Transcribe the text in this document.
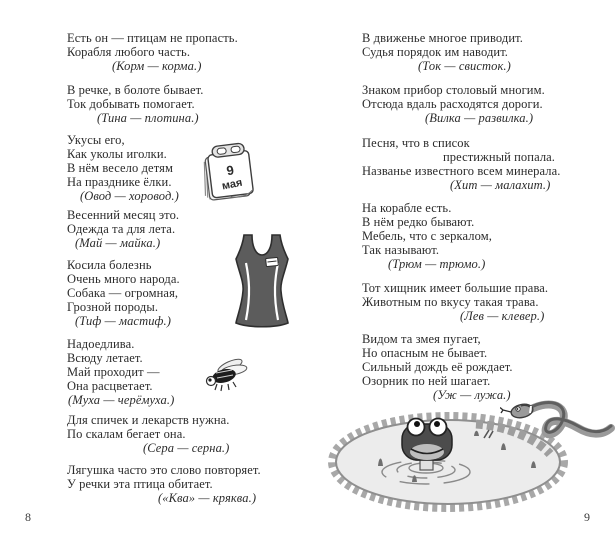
Есть он — птицам не пропасть.
Корабля любого часть.
(Корм — корма.)
В речке, в болоте бывает.
Ток добывать помогает.
(Тина — плотина.)
Укусы его,
Как уколы иголки.
В нём весело детям
На празднике ёлки.
(Овод — хоровод.)
Весенний месяц это.
Одежда та для лета.
(Май — майка.)
Косила болезнь
Очень много народа.
Собака — огромная,
Грозной породы.
(Тиф — мастиф.)
Надоедлива.
Всюду летает.
Май проходит —
Она расцветает.
(Муха — черёмуха.)
Для спичек и лекарств нужна.
По скалам бегает она.
(Сера — серна.)
Лягушка часто это слово повторяет.
У речки эта птица обитает.
(«Ква» — кряква.)
8
В движенье многое приводит.
Судья порядок им наводит.
(Ток — свисток.)
Знаком прибор столовый многим.
Отсюда вдаль расходятся дороги.
(Вилка — развилка.)
Песня, что в список
престижный попала.
Названье известного всем минерала.
(Хит — малахит.)
На корабле есть.
В нём редко бывают.
Мебель, что с зеркалом,
Так называют.
(Трюм — трюмо.)
Тот хищник имеет большие права.
Животным по вкусу такая трава.
(Лев — клевер.)
Видом та змея пугает,
Но опасным не бывает.
Сильный дождь её рождает.
Озорник по ней шагает.
(Уж — лужа.)
9
9
мая
